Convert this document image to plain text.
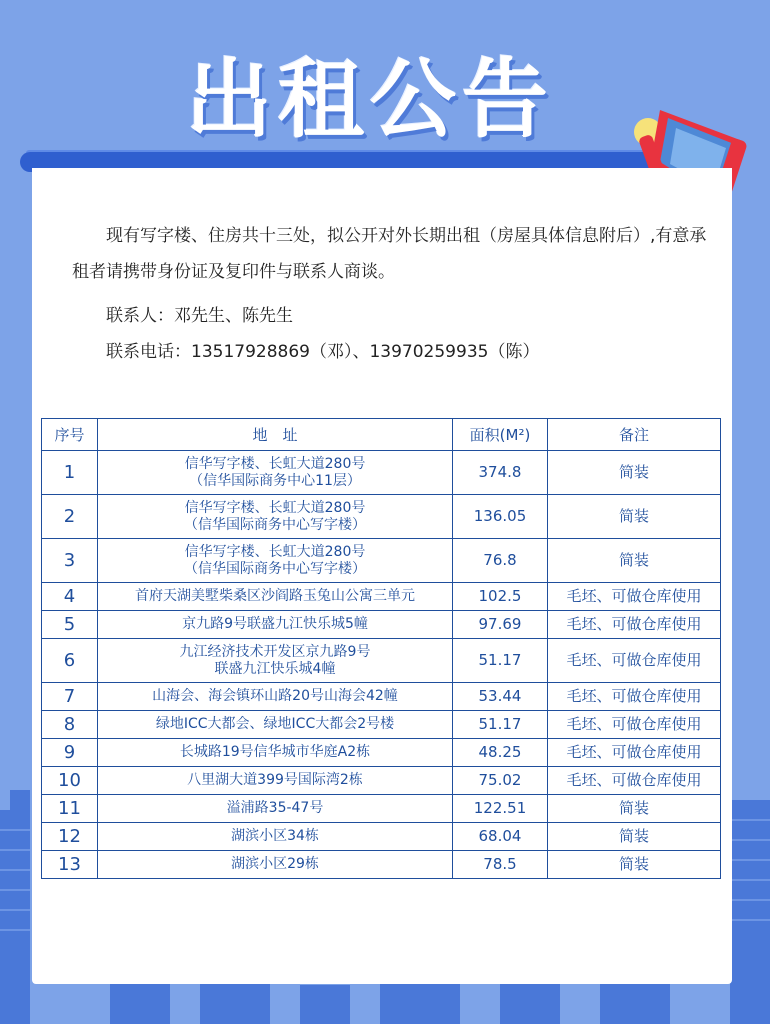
出租公告

现有写字楼、住房共十三处，拟公开对外长期出租（房屋具体信息附后）,有意承租者请携带身份证及复印件与联系人商谈。

联系人：邓先生、陈先生

联系电话：13517928869（邓）、13970259935（陈）

序号	地　址	面积(M²)	备注
1	信华写字楼、长虹大道280号
（信华国际商务中心11层）	374.8	简装
2	信华写字楼、长虹大道280号
（信华国际商务中心写字楼）	136.05	简装
3	信华写字楼、长虹大道280号
（信华国际商务中心写字楼）	76.8	简装
4	首府天湖美墅柴桑区沙阎路玉兔山公寓三单元	102.5	毛坯、可做仓库使用
5	京九路9号联盛九江快乐城5幢	97.69	毛坯、可做仓库使用
6	九江经济技术开发区京九路9号
联盛九江快乐城4幢	51.17	毛坯、可做仓库使用
7	山海会、海会镇环山路20号山海会42幢	53.44	毛坯、可做仓库使用
8	绿地ICC大都会、绿地ICC大都会2号楼	51.17	毛坯、可做仓库使用
9	长城路19号信华城市华庭A2栋	48.25	毛坯、可做仓库使用
10	八里湖大道399号国际湾2栋	75.02	毛坯、可做仓库使用
11	溢浦路35-47号	122.51	简装
12	湖滨小区34栋	68.04	简装
13	湖滨小区29栋	78.5	简装
